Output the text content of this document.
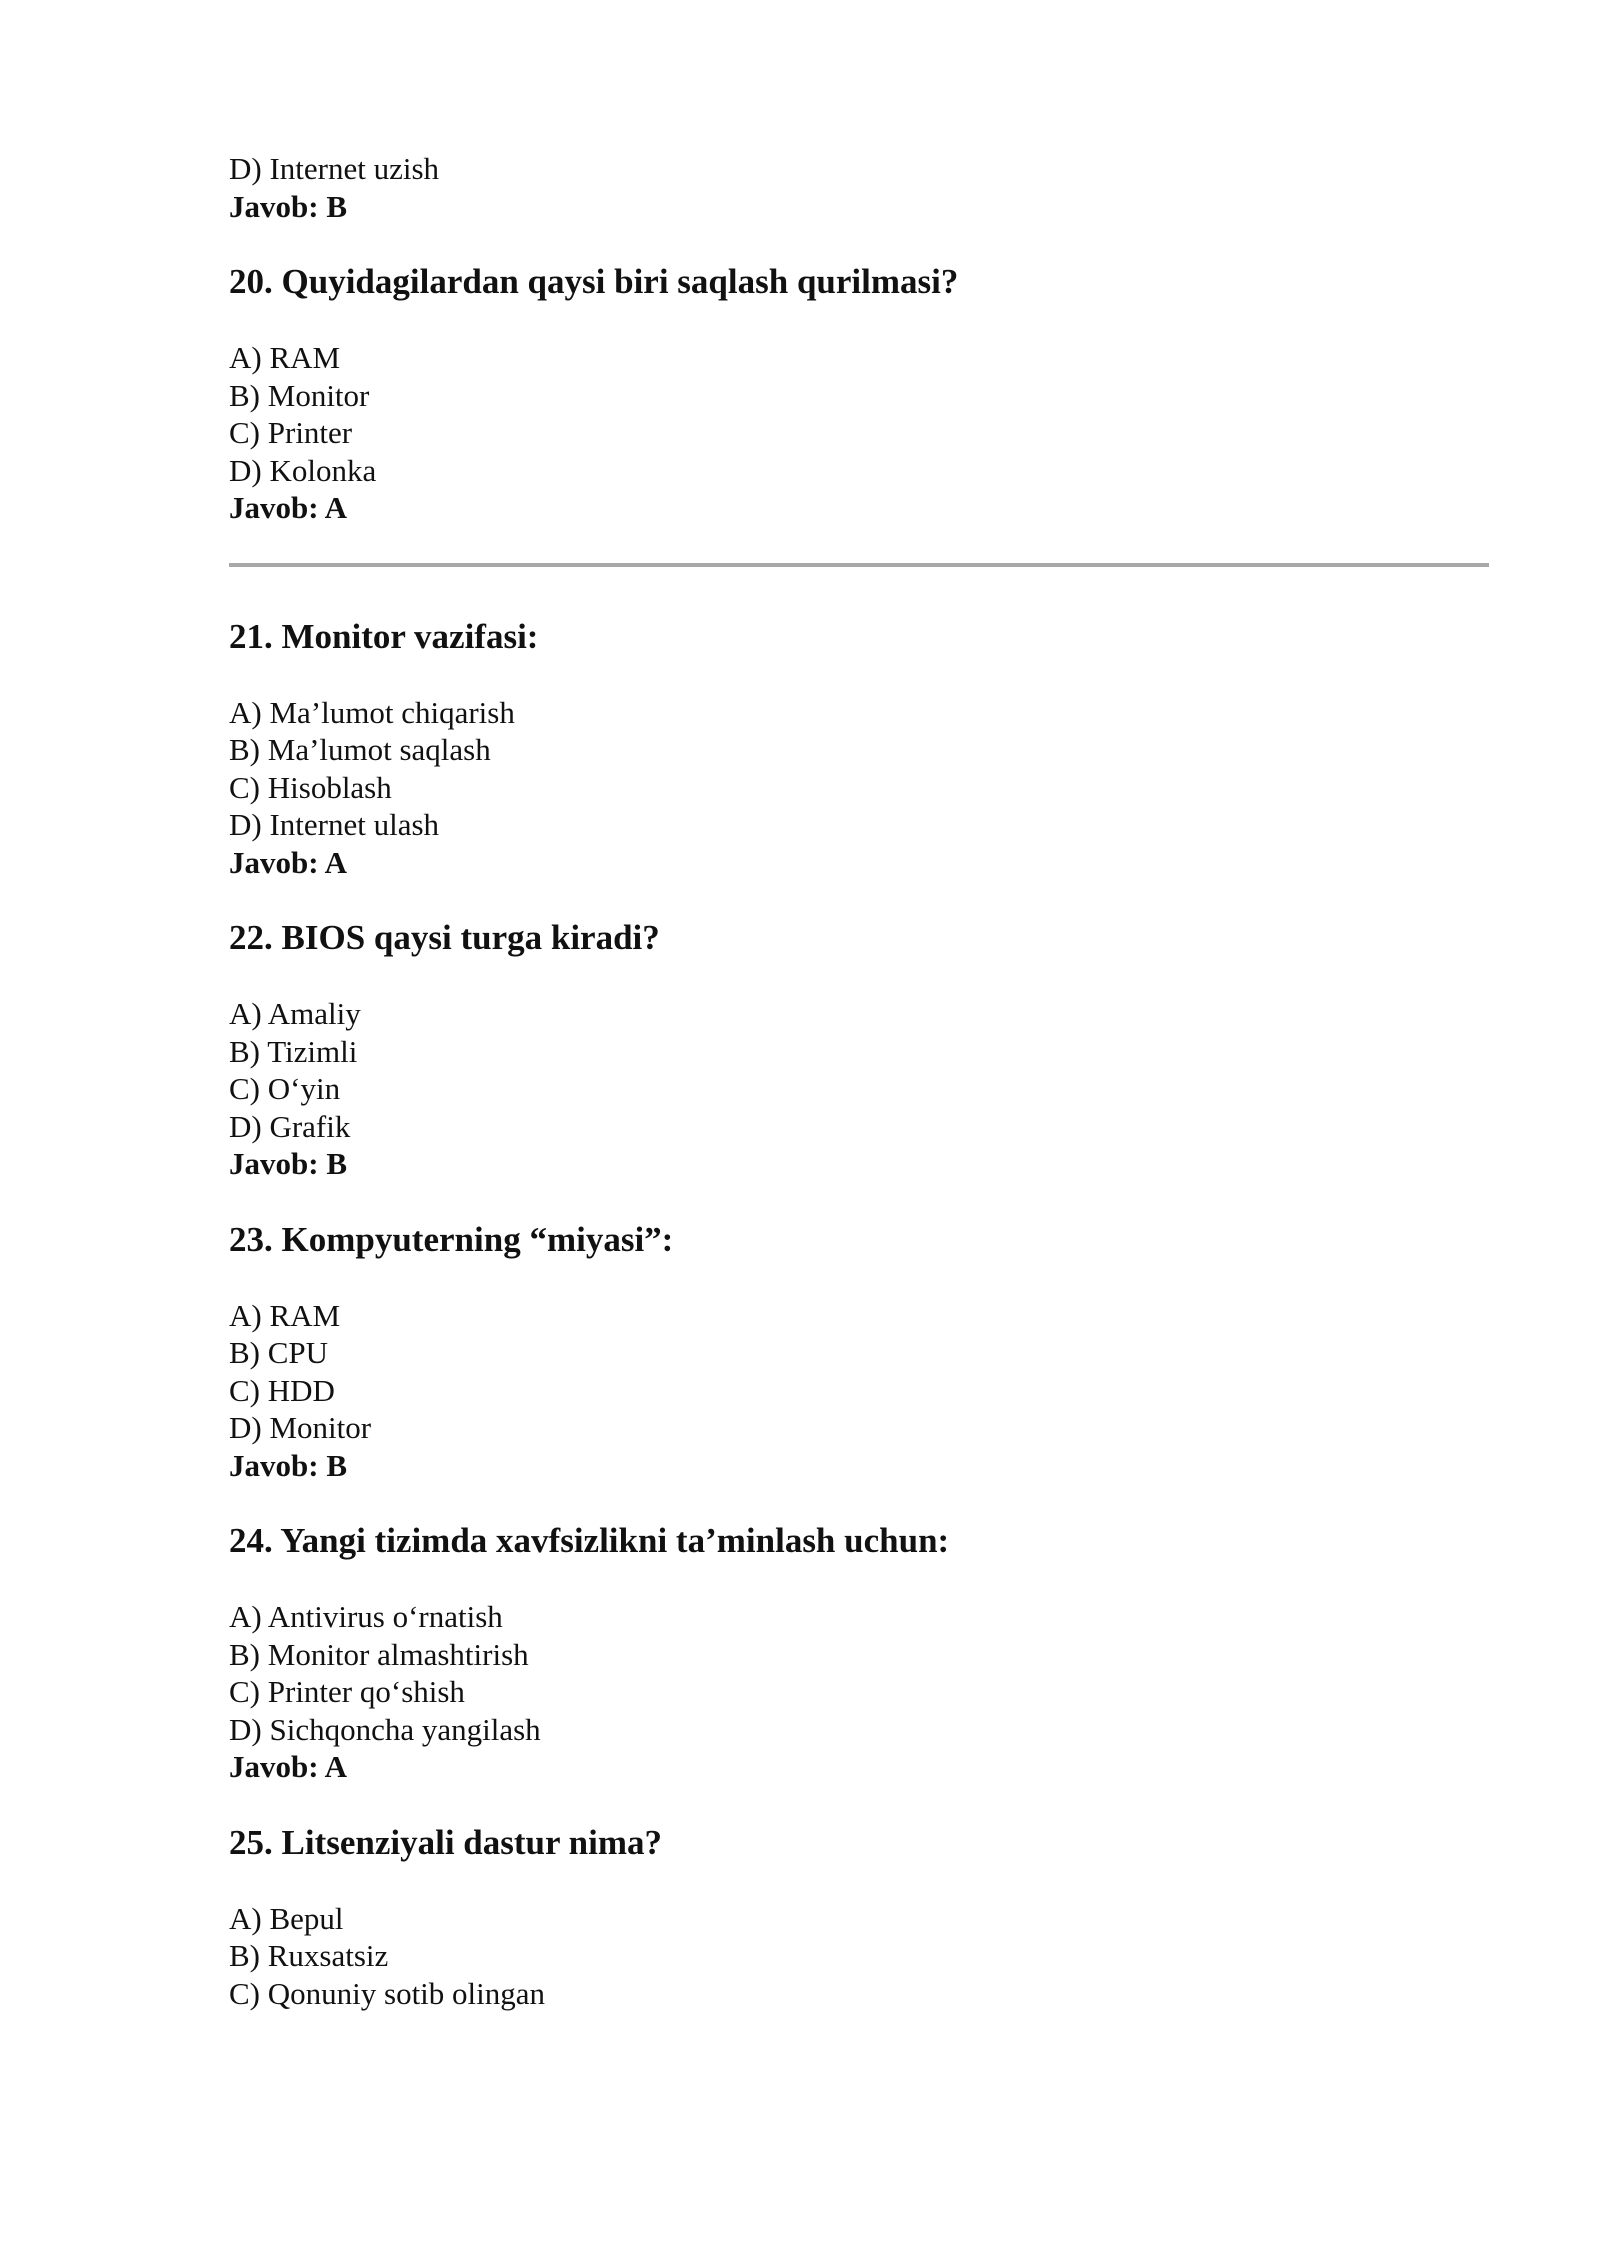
D) Internet uzish
Javob: B
20. Quyidagilardan qaysi biri saqlash qurilmasi?
A) RAM
B) Monitor
C) Printer
D) Kolonka
Javob: A
21. Monitor vazifasi:
A) Ma’lumot chiqarish
B) Ma’lumot saqlash
C) Hisoblash
D) Internet ulash
Javob: A
22. BIOS qaysi turga kiradi?
A) Amaliy
B) Tizimli
C) O‘yin
D) Grafik
Javob: B
23. Kompyuterning “miyasi”:
A) RAM
B) CPU
C) HDD
D) Monitor
Javob: B
24. Yangi tizimda xavfsizlikni ta’minlash uchun:
A) Antivirus o‘rnatish
B) Monitor almashtirish
C) Printer qo‘shish
D) Sichqoncha yangilash
Javob: A
25. Litsenziyali dastur nima?
A) Bepul
B) Ruxsatsiz
C) Qonuniy sotib olingan
